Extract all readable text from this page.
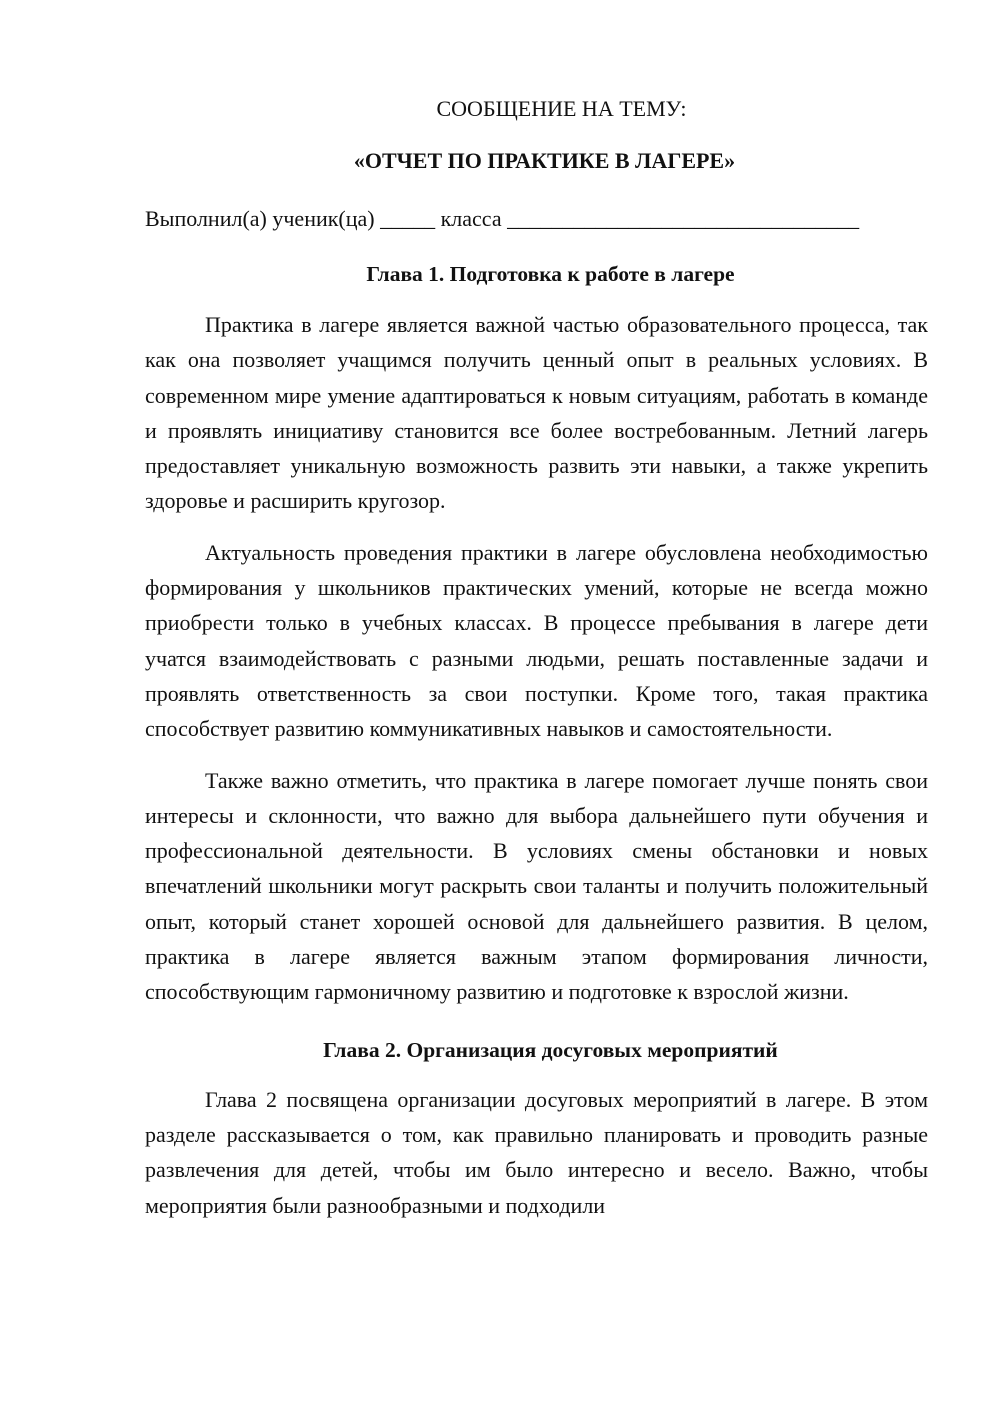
СООБЩЕНИЕ НА ТЕМУ:

«ОТЧЕТ ПО ПРАКТИКЕ В ЛАГЕРЕ»

Выполнил(а) ученик(ца) _____ класса ________________________________

Глава 1. Подготовка к работе в лагере

Практика в лагере является важной частью образовательного процесса, так как она позволяет учащимся получить ценный опыт в реальных условиях. В современном мире умение адаптироваться к новым ситуациям, работать в команде и проявлять инициативу становится все более востребованным. Летний лагерь предоставляет уникальную возможность развить эти навыки, а также укрепить здоровье и расширить кругозор.

Актуальность проведения практики в лагере обусловлена необходимостью формирования у школьников практических умений, которые не всегда можно приобрести только в учебных классах. В процессе пребывания в лагере дети учатся взаимодействовать с разными людьми, решать поставленные задачи и проявлять ответственность за свои поступки. Кроме того, такая практика способствует развитию коммуникативных навыков и самостоятельности.

Также важно отметить, что практика в лагере помогает лучше понять свои интересы и склонности, что важно для выбора дальнейшего пути обучения и профессиональной деятельности. В условиях смены обстановки и новых впечатлений школьники могут раскрыть свои таланты и получить положительный опыт, который станет хорошей основой для дальнейшего развития. В целом, практика в лагере является важным этапом формирования личности, способствующим гармоничному развитию и подготовке к взрослой жизни.

Глава 2. Организация досуговых мероприятий

Глава 2 посвящена организации досуговых мероприятий в лагере. В этом разделе рассказывается о том, как правильно планировать и проводить разные развлечения для детей, чтобы им было интересно и весело. Важно, чтобы мероприятия были разнообразными и подходили
